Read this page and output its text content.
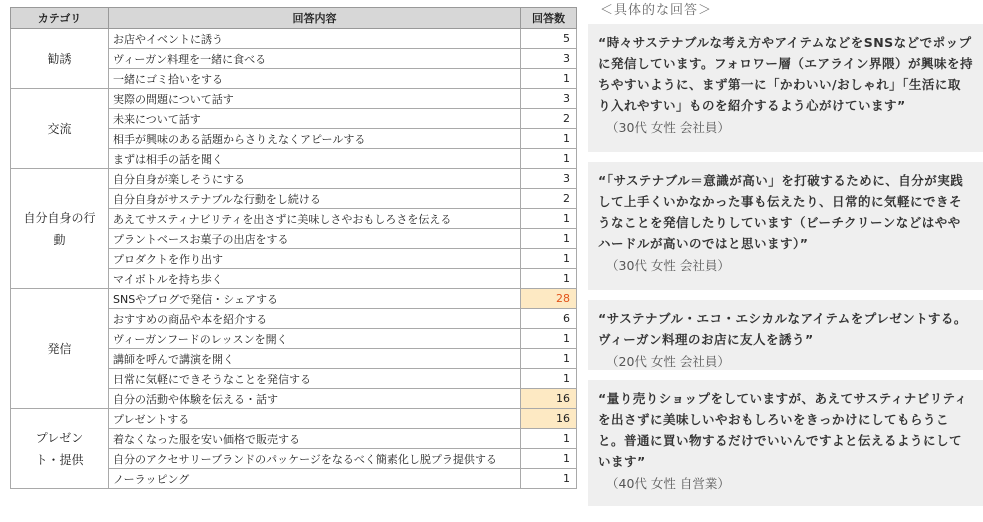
カテゴリ	回答内容	回答数
勧誘	お店やイベントに誘う	5
	ヴィーガン料理を一緒に食べる	3
	一緒にゴミ拾いをする	1
交流	実際の問題について話す	3
	未来について話す	2
	相手が興味のある話題からさりえなくアピールする	1
	まずは相手の話を聞く	1
自分自身の行動	自分自身が楽しそうにする	3
	自分自身がサステナブルな行動をし続ける	2
	あえてサスティナビリティを出さずに美味しさやおもしろさを伝える	1
	プラントベースお菓子の出店をする	1
	プロダクトを作り出す	1
	マイボトルを持ち歩く	1
発信	SNSやブログで発信・シェアする	28
	おすすめの商品や本を紹介する	6
	ヴィーガンフードのレッスンを開く	1
	講師を呼んで講演を開く	1
	日常に気軽にできそうなことを発信する	1
	自分の活動や体験を伝える・話す	16
プレゼント・提供	プレゼントする	16
	着なくなった服を安い価格で販売する	1
	自分のアクセサリーブランドのパッケージをなるべく簡素化し脱プラ提供する	1
	ノーラッピング	1
＜具体的な回答＞

“時々サステナブルな考え方やアイテムなどをSNSなどでポップに発信しています。フォロワー層（エアライン界隈）が興味を持ちやすいように、まず第一に「かわいい/おしゃれ」「生活に取り入れやすい」ものを紹介するよう心がけています”

（30代 女性 会社員）

“「サステナブル＝意識が高い」を打破するために、自分が実践して上手くいかなかった事も伝えたり、日常的に気軽にできそうなことを発信したりしています（ビーチクリーンなどはややハードルが高いのではと思います）”

（30代 女性 会社員）

“サステナブル・エコ・エシカルなアイテムをプレゼントする。ヴィーガン料理のお店に友人を誘う”

（20代 女性 会社員）

“量り売りショップをしていますが、あえてサスティナビリティを出さずに美味しいやおもしろいをきっかけにしてもらうこと。普通に買い物するだけでいいんですよと伝えるようにしています”

（40代 女性 自営業）
